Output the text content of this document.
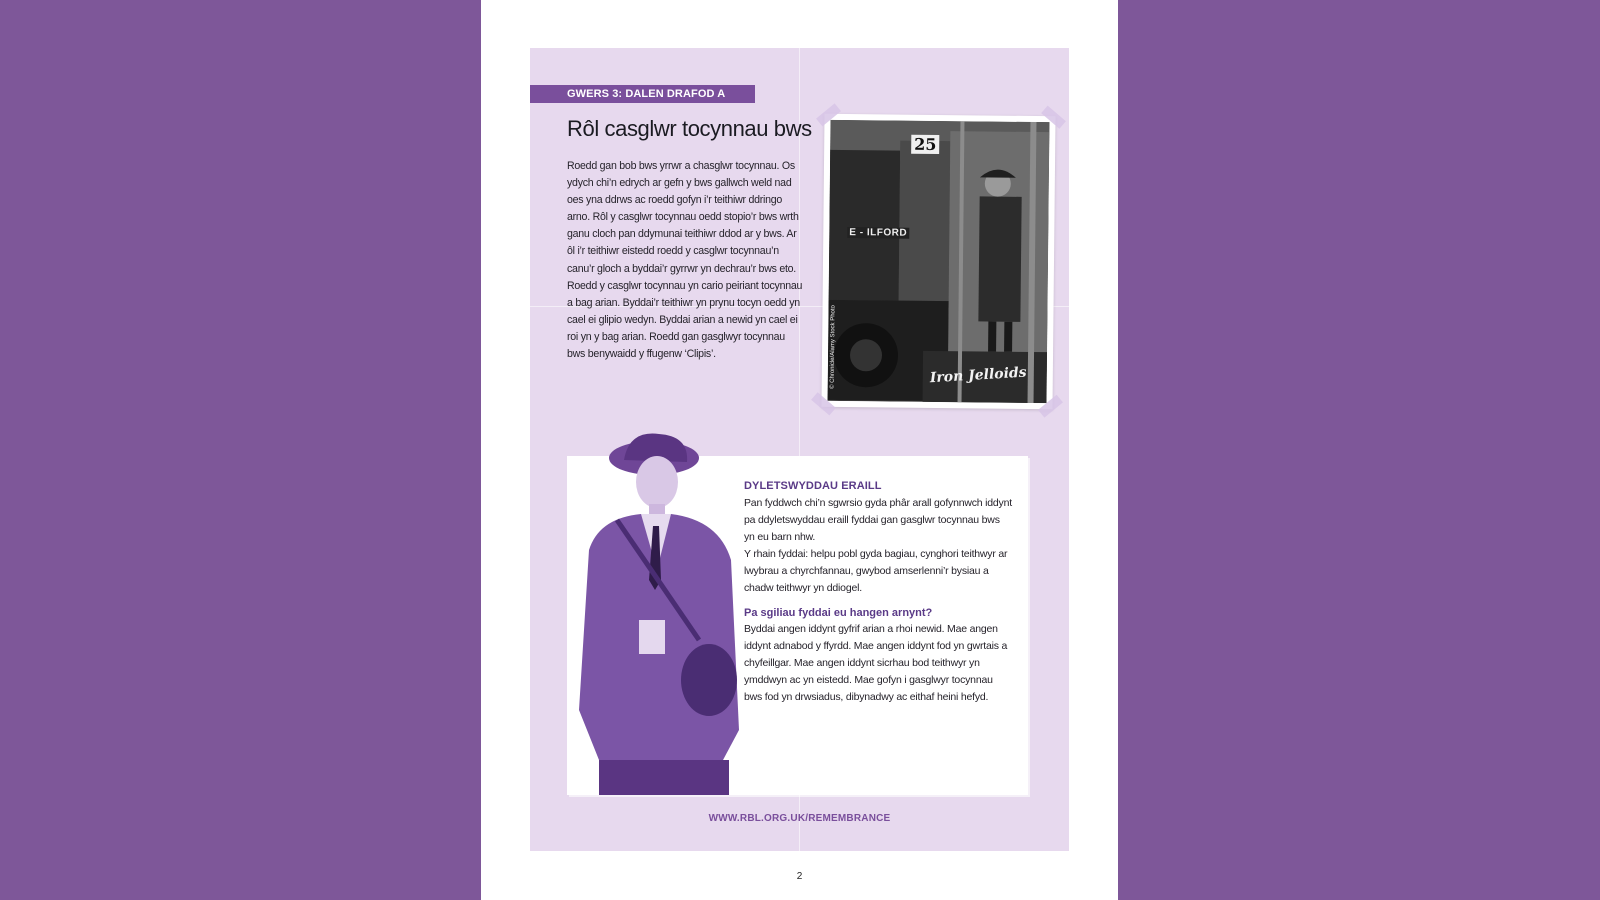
GWERS 3: DALEN DRAFOD A
Rôl casglwr tocynnau bws

Roedd gan bob bws yrrwr a chasglwr tocynnau. Os ydych chi’n edrych ar gefn y bws gallwch weld nad oes yna ddrws ac roedd gofyn i’r teithiwr ddringo arno. Rôl y casglwr tocynnau oedd stopio’r bws wrth ganu cloch pan ddymunai teithiwr ddod ar y bws. Ar ôl i’r teithiwr eistedd roedd y casglwr tocynnau’n canu’r gloch a byddai’r gyrrwr yn dechrau’r bws eto.

Roedd y casglwr tocynnau yn cario peiriant tocynnau a bag arian. Byddai’r teithiwr yn prynu tocyn oedd yn cael ei glipio wedyn. Byddai arian a newid yn cael ei roi yn y bag arian. Roedd gan gasglwyr tocynnau bws benywaidd y ffugenw ‘Clipis’.

25
E - ILFORD
Iron Jelloids
© Chronicle/Alamy Stock Photo
DYLETSWYDDAU ERAILL

Pan fyddwch chi’n sgwrsio gyda phâr arall gofynnwch iddynt pa ddyletswyddau eraill fyddai gan gasglwr tocynnau bws yn eu barn nhw.

Y rhain fyddai: helpu pobl gyda bagiau, cynghori teithwyr ar lwybrau a chyrchfannau, gwybod amserlenni’r bysiau a chadw teithwyr yn ddiogel.

Pa sgiliau fyddai eu hangen arnynt?

Byddai angen iddynt gyfrif arian a rhoi newid. Mae angen iddynt adnabod y ffyrdd. Mae angen iddynt fod yn gwrtais a chyfeillgar. Mae angen iddynt sicrhau bod teithwyr yn ymddwyn ac yn eistedd. Mae gofyn i gasglwyr tocynnau bws fod yn drwsiadus, dibynadwy ac eithaf heini hefyd.

WWW.RBL.ORG.UK/REMEMBRANCE
2
